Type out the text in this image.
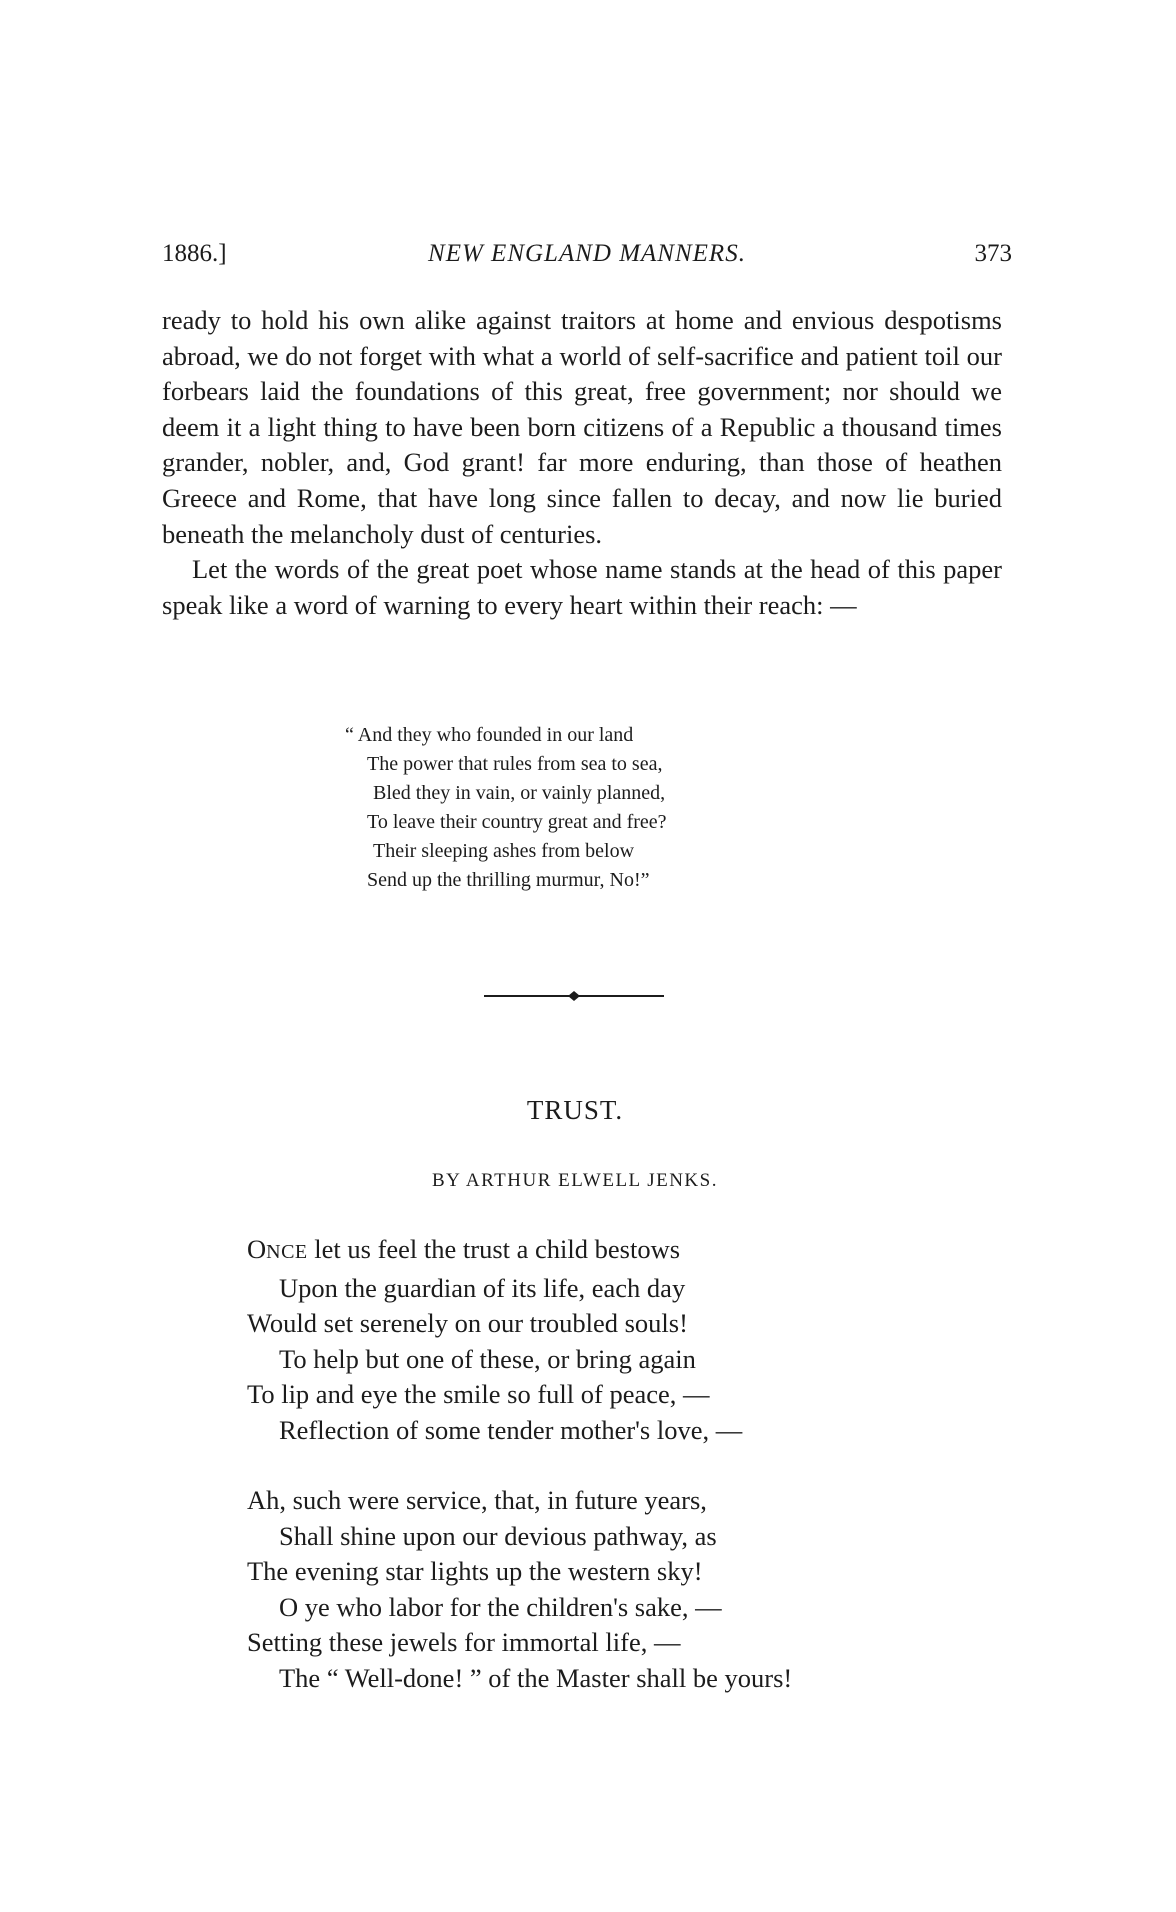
1886.]	NEW ENGLAND MANNERS.	373

ready to hold his own alike against traitors at home and envious despotisms abroad, we do not forget with what a world of self-sacrifice and patient toil our forbears laid the foundations of this great, free government; nor should we deem it a light thing to have been born citizens of a Republic a thousand times grander, nobler, and, God grant! far more enduring, than those of heathen Greece and Rome, that have long since fallen to decay, and now lie buried beneath the melancholy dust of centuries.

Let the words of the great poet whose name stands at the head of this paper speak like a word of warning to every heart within their reach: —

“ And they who founded in our land
The power that rules from sea to sea,
Bled they in vain, or vainly planned,
To leave their country great and free?
Their sleeping ashes from below
Send up the thrilling murmur, No!”
TRUST.
BY ARTHUR ELWELL JENKS.
ONCE let us feel the trust a child bestows
Upon the guardian of its life, each day
Would set serenely on our troubled souls!
To help but one of these, or bring again
To lip and eye the smile so full of peace, —
Reflection of some tender mother's love, —
Ah, such were service, that, in future years,
Shall shine upon our devious pathway, as
The evening star lights up the western sky!
O ye who labor for the children's sake, —
Setting these jewels for immortal life, —
The “ Well-done! ” of the Master shall be yours!
